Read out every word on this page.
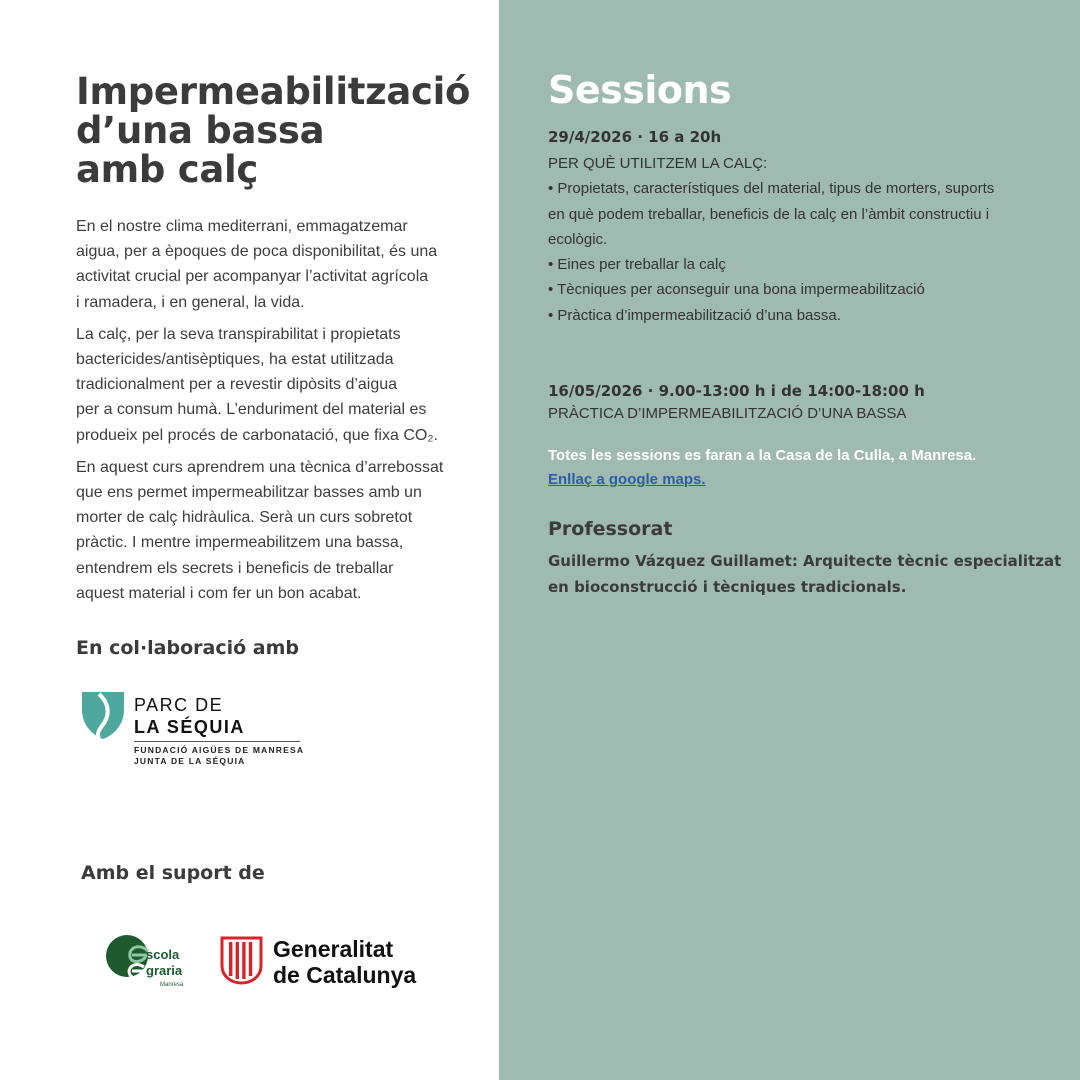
Impermeabilització
d’una bassa
amb calç

En el nostre clima mediterrani, emmagatzemar
aigua, per a èpoques de poca disponibilitat, és una
activitat crucial per acompanyar l’activitat agrícola
i ramadera, i en general, la vida.

La calç, per la seva transpirabilitat i propietats
bactericides/antisèptiques, ha estat utilitzada
tradicionalment per a revestir dipòsits d’aigua
per a consum humà. L’enduriment del material es
produeix pel procés de carbonatació, que fixa CO₂.

En aquest curs aprendrem una tècnica d’arrebossat
que ens permet impermeabilitzar basses amb un
morter de calç hidràulica. Serà un curs sobretot
pràctic. I mentre impermeabilitzem una bassa,
entendrem els secrets i beneficis de treballar
aquest material i com fer un bon acabat.

En col·laboració amb
PARC DE
LA SÉQUIA
FUNDACIÓ AIGÜES DE MANRESA
JUNTA DE LA SÉQUIA
Amb el suport de
scola
graria
Manresa
Generalitat
de Catalunya
Sessions
29/4/2026 · 16 a 20h
PER QUÈ UTILITZEM LA CALÇ:
• Propietats, característiques del material, tipus de morters, suports
en què podem treballar, beneficis de la calç en l’àmbit constructiu i
ecològic.
• Eines per treballar la calç
• Tècniques per aconseguir una bona impermeabilització
• Pràctica d’impermeabilització d’una bassa.
16/05/2026 · 9.00-13:00 h i de 14:00-18:00 h
PRÀCTICA D’IMPERMEABILITZACIÓ D’UNA BASSA
Totes les sessions es faran a la Casa de la Culla, a Manresa.
Enllaç a google maps.
Professorat
Guillermo Vázquez Guillamet: Arquitecte tècnic especialitzat
en bioconstrucció i tècniques tradicionals.
